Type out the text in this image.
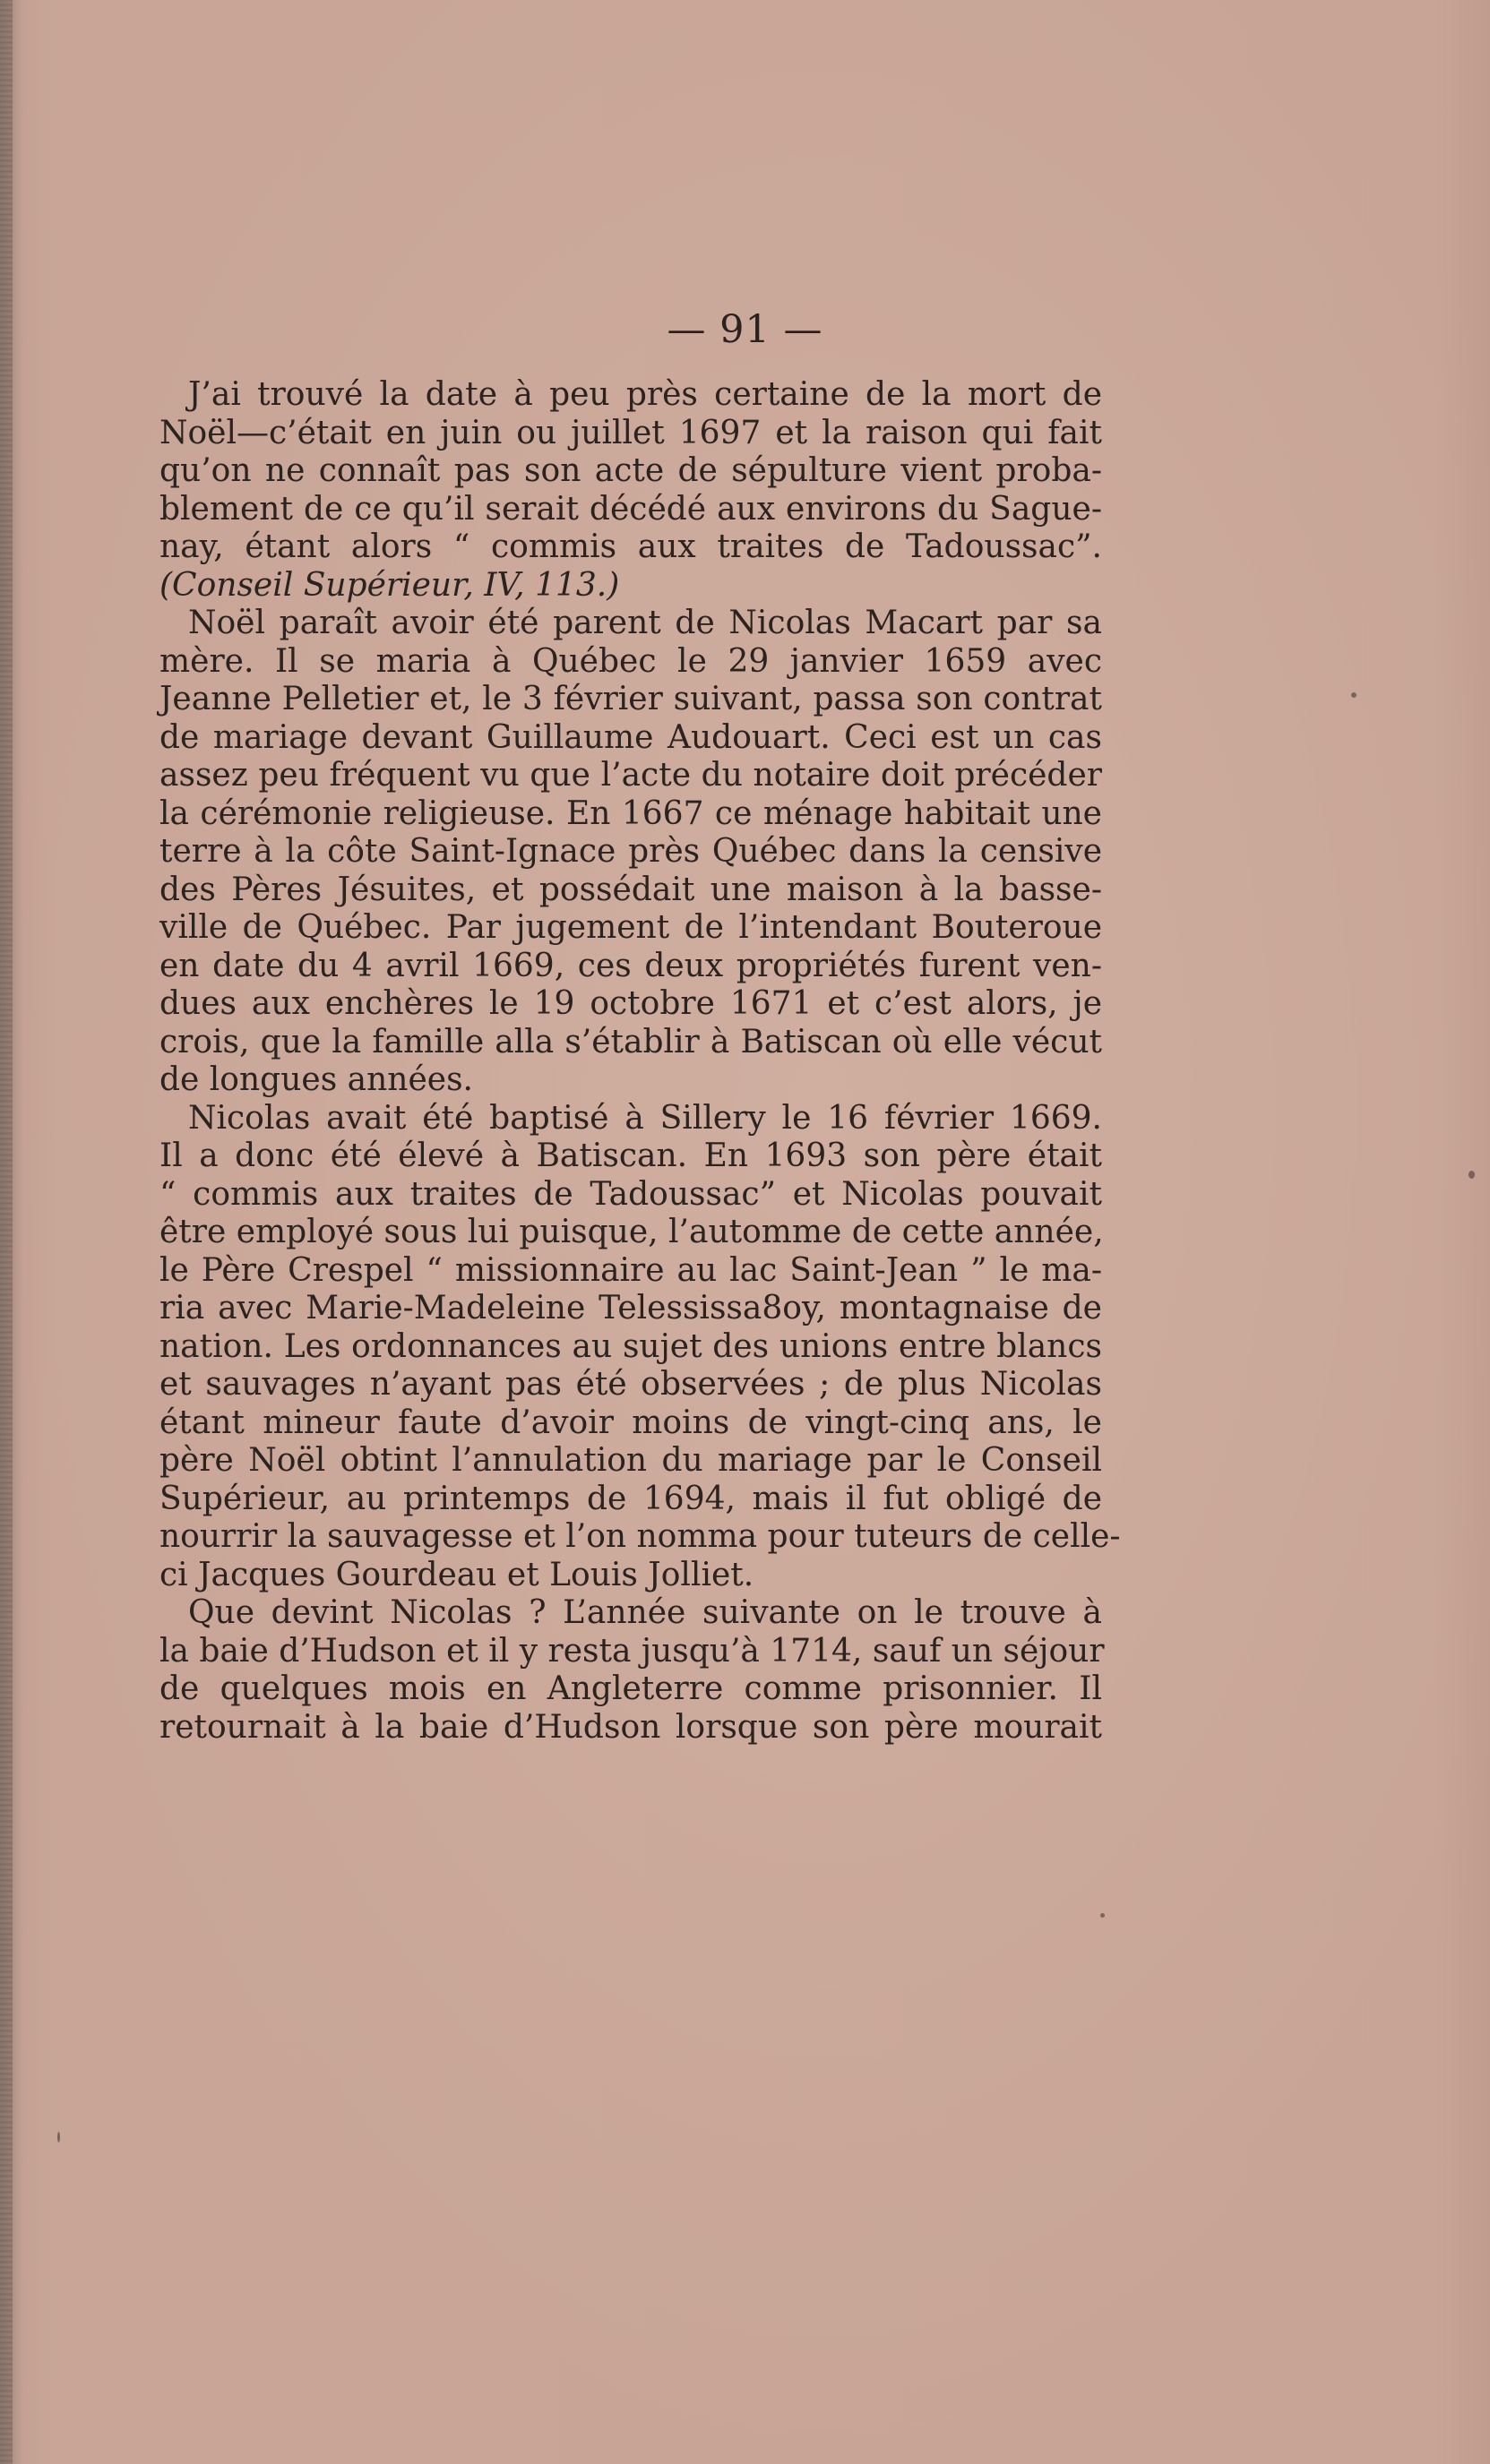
— 91 —
J’ai trouvé la date à peu près certaine de la mort de
Noël—c’était en juin ou juillet 1697 et la raison qui fait
qu’on ne connaît pas son acte de sépulture vient proba-
blement de ce qu’il serait décédé aux environs du Sague-
nay, étant alors “ commis aux traites de Tadoussac”.
(Conseil Supérieur, IV, 113.)
Noël paraît avoir été parent de Nicolas Macart par sa
mère. Il se maria à Québec le 29 janvier 1659 avec
Jeanne Pelletier et, le 3 février suivant, passa son contrat
de mariage devant Guillaume Audouart. Ceci est un cas
assez peu fréquent vu que l’acte du notaire doit précéder
la cérémonie religieuse. En 1667 ce ménage habitait une
terre à la côte Saint-Ignace près Québec dans la censive
des Pères Jésuites, et possédait une maison à la basse-
ville de Québec. Par jugement de l’intendant Bouteroue
en date du 4 avril 1669, ces deux propriétés furent ven-
dues aux enchères le 19 octobre 1671 et c’est alors, je
crois, que la famille alla s’établir à Batiscan où elle vécut
de longues années.
Nicolas avait été baptisé à Sillery le 16 février 1669.
Il a donc été élevé à Batiscan. En 1693 son père était
“ commis aux traites de Tadoussac” et Nicolas pouvait
être employé sous lui puisque, l’automme de cette année,
le Père Crespel “ missionnaire au lac Saint-Jean ” le ma-
ria avec Marie-Madeleine Telessissa8oy, montagnaise de
nation. Les ordonnances au sujet des unions entre blancs
et sauvages n’ayant pas été observées ; de plus Nicolas
étant mineur faute d’avoir moins de vingt-cinq ans, le
père Noël obtint l’annulation du mariage par le Conseil
Supérieur, au printemps de 1694, mais il fut obligé de
nourrir la sauvagesse et l’on nomma pour tuteurs de celle-
ci Jacques Gourdeau et Louis Jolliet.
Que devint Nicolas ? L’année suivante on le trouve à
la baie d’Hudson et il y resta jusqu’à 1714, sauf un séjour
de quelques mois en Angleterre comme prisonnier. Il
retournait à la baie d’Hudson lorsque son père mourait
